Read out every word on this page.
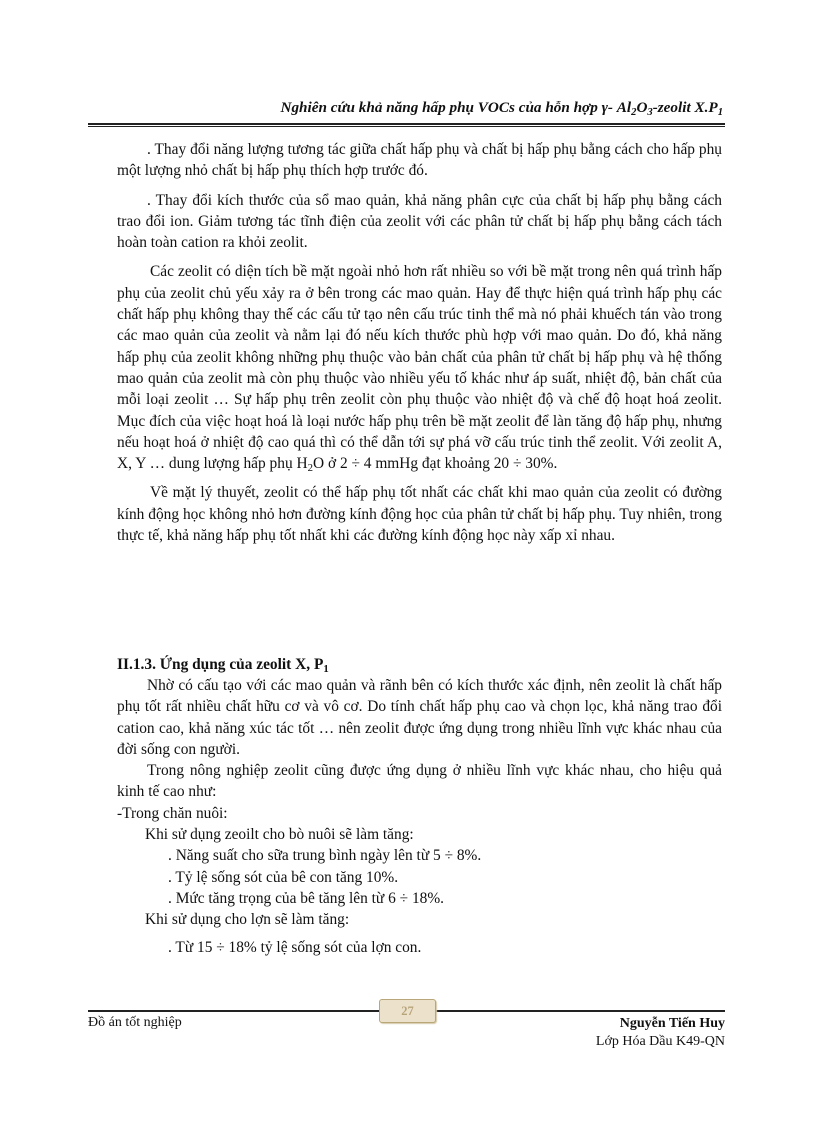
Nghiên cứu khả năng hấp phụ VOCs của hỗn hợp γ- $Al_2O_3$-zeolit $X.P_1$

. Thay đổi năng lượng tương tác giữa chất hấp phụ và chất bị hấp phụ bằng cách cho hấp phụ một lượng nhỏ chất bị hấp phụ thích hợp trước đó.

. Thay đổi kích thước của sổ mao quản, khả năng phân cực của chất bị hấp phụ bằng cách trao đổi ion. Giảm tương tác tĩnh điện của zeolit với các phân tử chất bị hấp phụ bằng cách tách hoàn toàn cation ra khỏi zeolit.

Các zeolit có diện tích bề mặt ngoài nhỏ hơn rất nhiều so với bề mặt trong nên quá trình hấp phụ của zeolit chủ yếu xảy ra ở bên trong các mao quản. Hay để thực hiện quá trình hấp phụ các chất hấp phụ không thay thế các cấu tử tạo nên cấu trúc tinh thể mà nó phải khuếch tán vào trong các mao quản của zeolit và nằm lại đó nếu kích thước phù hợp với mao quản. Do đó, khả năng hấp phụ của zeolit không những phụ thuộc vào bản chất của phân tử chất bị hấp phụ và hệ thống mao quản của zeolit mà còn phụ thuộc vào nhiều yếu tố khác như áp suất, nhiệt độ, bản chất của mỗi loại zeolit … Sự hấp phụ trên zeolit còn phụ thuộc vào nhiệt độ và chế độ hoạt hoá zeolit. Mục đích của việc hoạt hoá là loại nước hấp phụ trên bề mặt zeolit để làn tăng độ hấp phụ, nhưng nếu hoạt hoá ở nhiệt độ cao quá thì có thể dẫn tới sự phá vỡ cấu trúc tinh thể zeolit. Với zeolit A, X, Y … dung lượng hấp phụ $H_2O$ ở 2 ÷ 4 mmHg đạt khoảng 20 ÷ 30%.

Về mặt lý thuyết, zeolit có thể hấp phụ tốt nhất các chất khi mao quản của zeolit có đường kính động học không nhỏ hơn đường kính động học của phân tử chất bị hấp phụ. Tuy nhiên, trong thực tế, khả năng hấp phụ tốt nhất khi các đường kính động học này xấp xỉ nhau.

II.1.3. Ứng dụng của zeolit X, $P_1$

Nhờ có cấu tạo với các mao quản và rãnh bên có kích thước xác định, nên zeolit là chất hấp phụ tốt rất nhiều chất hữu cơ và vô cơ. Do tính chất hấp phụ cao và chọn lọc, khả năng trao đổi cation cao, khả năng xúc tác tốt … nên zeolit được ứng dụng trong nhiều lĩnh vực khác nhau của đời sống con người.

Trong nông nghiệp zeolit cũng được ứng dụng ở nhiều lĩnh vực khác nhau, cho hiệu quả kinh tế cao như:

-Trong chăn nuôi:

Khi sử dụng zeoilt cho bò nuôi sẽ làm tăng:

. Năng suất cho sữa trung bình ngày lên từ 5 ÷ 8%.

. Tỷ lệ sống sót của bê con tăng 10%.

. Mức tăng trọng của bê tăng lên từ 6 ÷ 18%.

Khi sử dụng cho lợn sẽ làm tăng:

. Từ 15 ÷ 18% tỷ lệ sống sót của lợn con.

27
Đồ án tốt nghiệp	Nguyễn Tiến Huy
Lớp Hóa Dầu K49-QN
